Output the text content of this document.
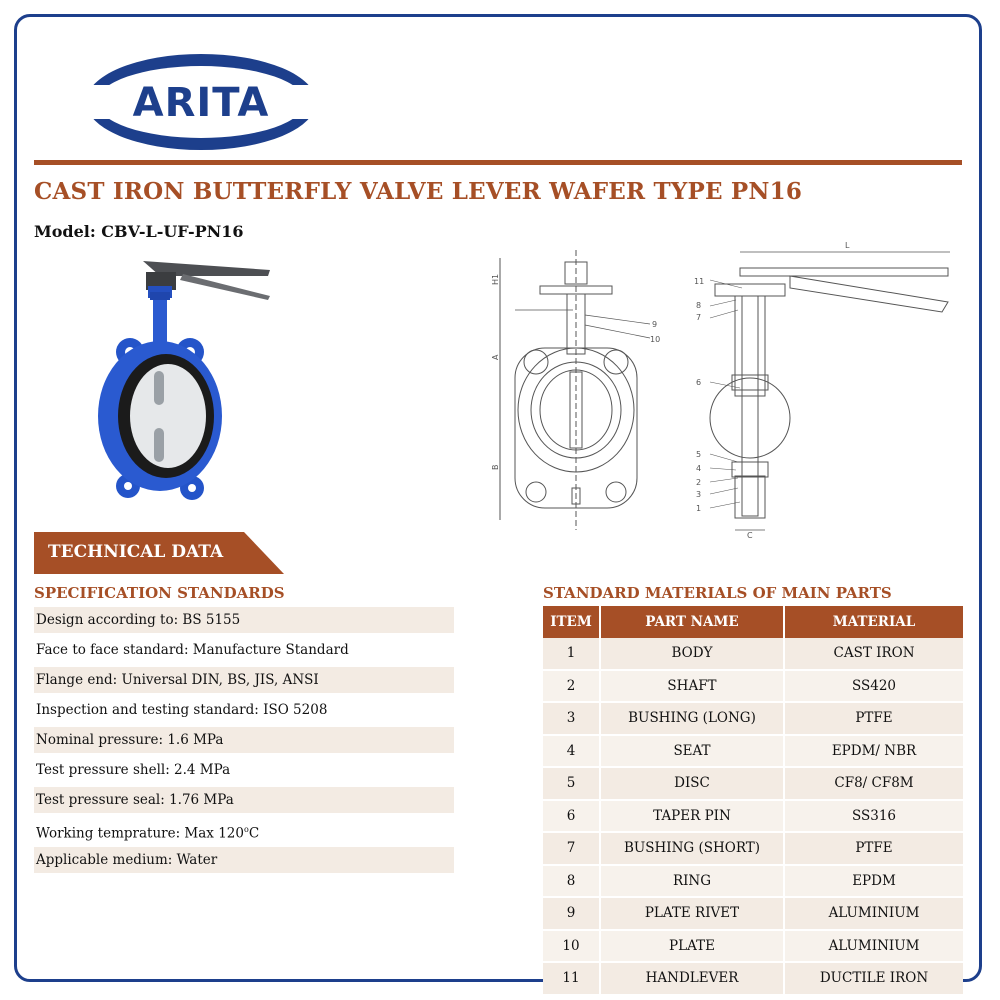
ARITA
CAST IRON BUTTERFLY VALVE LEVER WAFER TYPE PN16
Model: CBV-L-UF-PN16
H1
A
B
9
10
L
C
11
8
7
6
5
4
2
3
1
TECHNICAL DATA
SPECIFICATION STANDARDS
Design according to: BS 5155
Face to face standard: Manufacture Standard
Flange end: Universal DIN, BS, JIS, ANSI
Inspection and testing standard: ISO 5208
Nominal pressure: 1.6 MPa
Test pressure shell: 2.4 MPa
Test pressure seal: 1.76 MPa
Working temprature: Max 120$^o$C
Applicable medium: Water
STANDARD MATERIALS OF MAIN PARTS
ITEM	PART NAME	MATERIAL
1	BODY	CAST IRON
2	SHAFT	SS420
3	BUSHING (LONG)	PTFE
4	SEAT	EPDM/ NBR
5	DISC	CF8/ CF8M
6	TAPER PIN	SS316
7	BUSHING (SHORT)	PTFE
8	RING	EPDM
9	PLATE RIVET	ALUMINIUM
10	PLATE	ALUMINIUM
11	HANDLEVER	DUCTILE IRON
